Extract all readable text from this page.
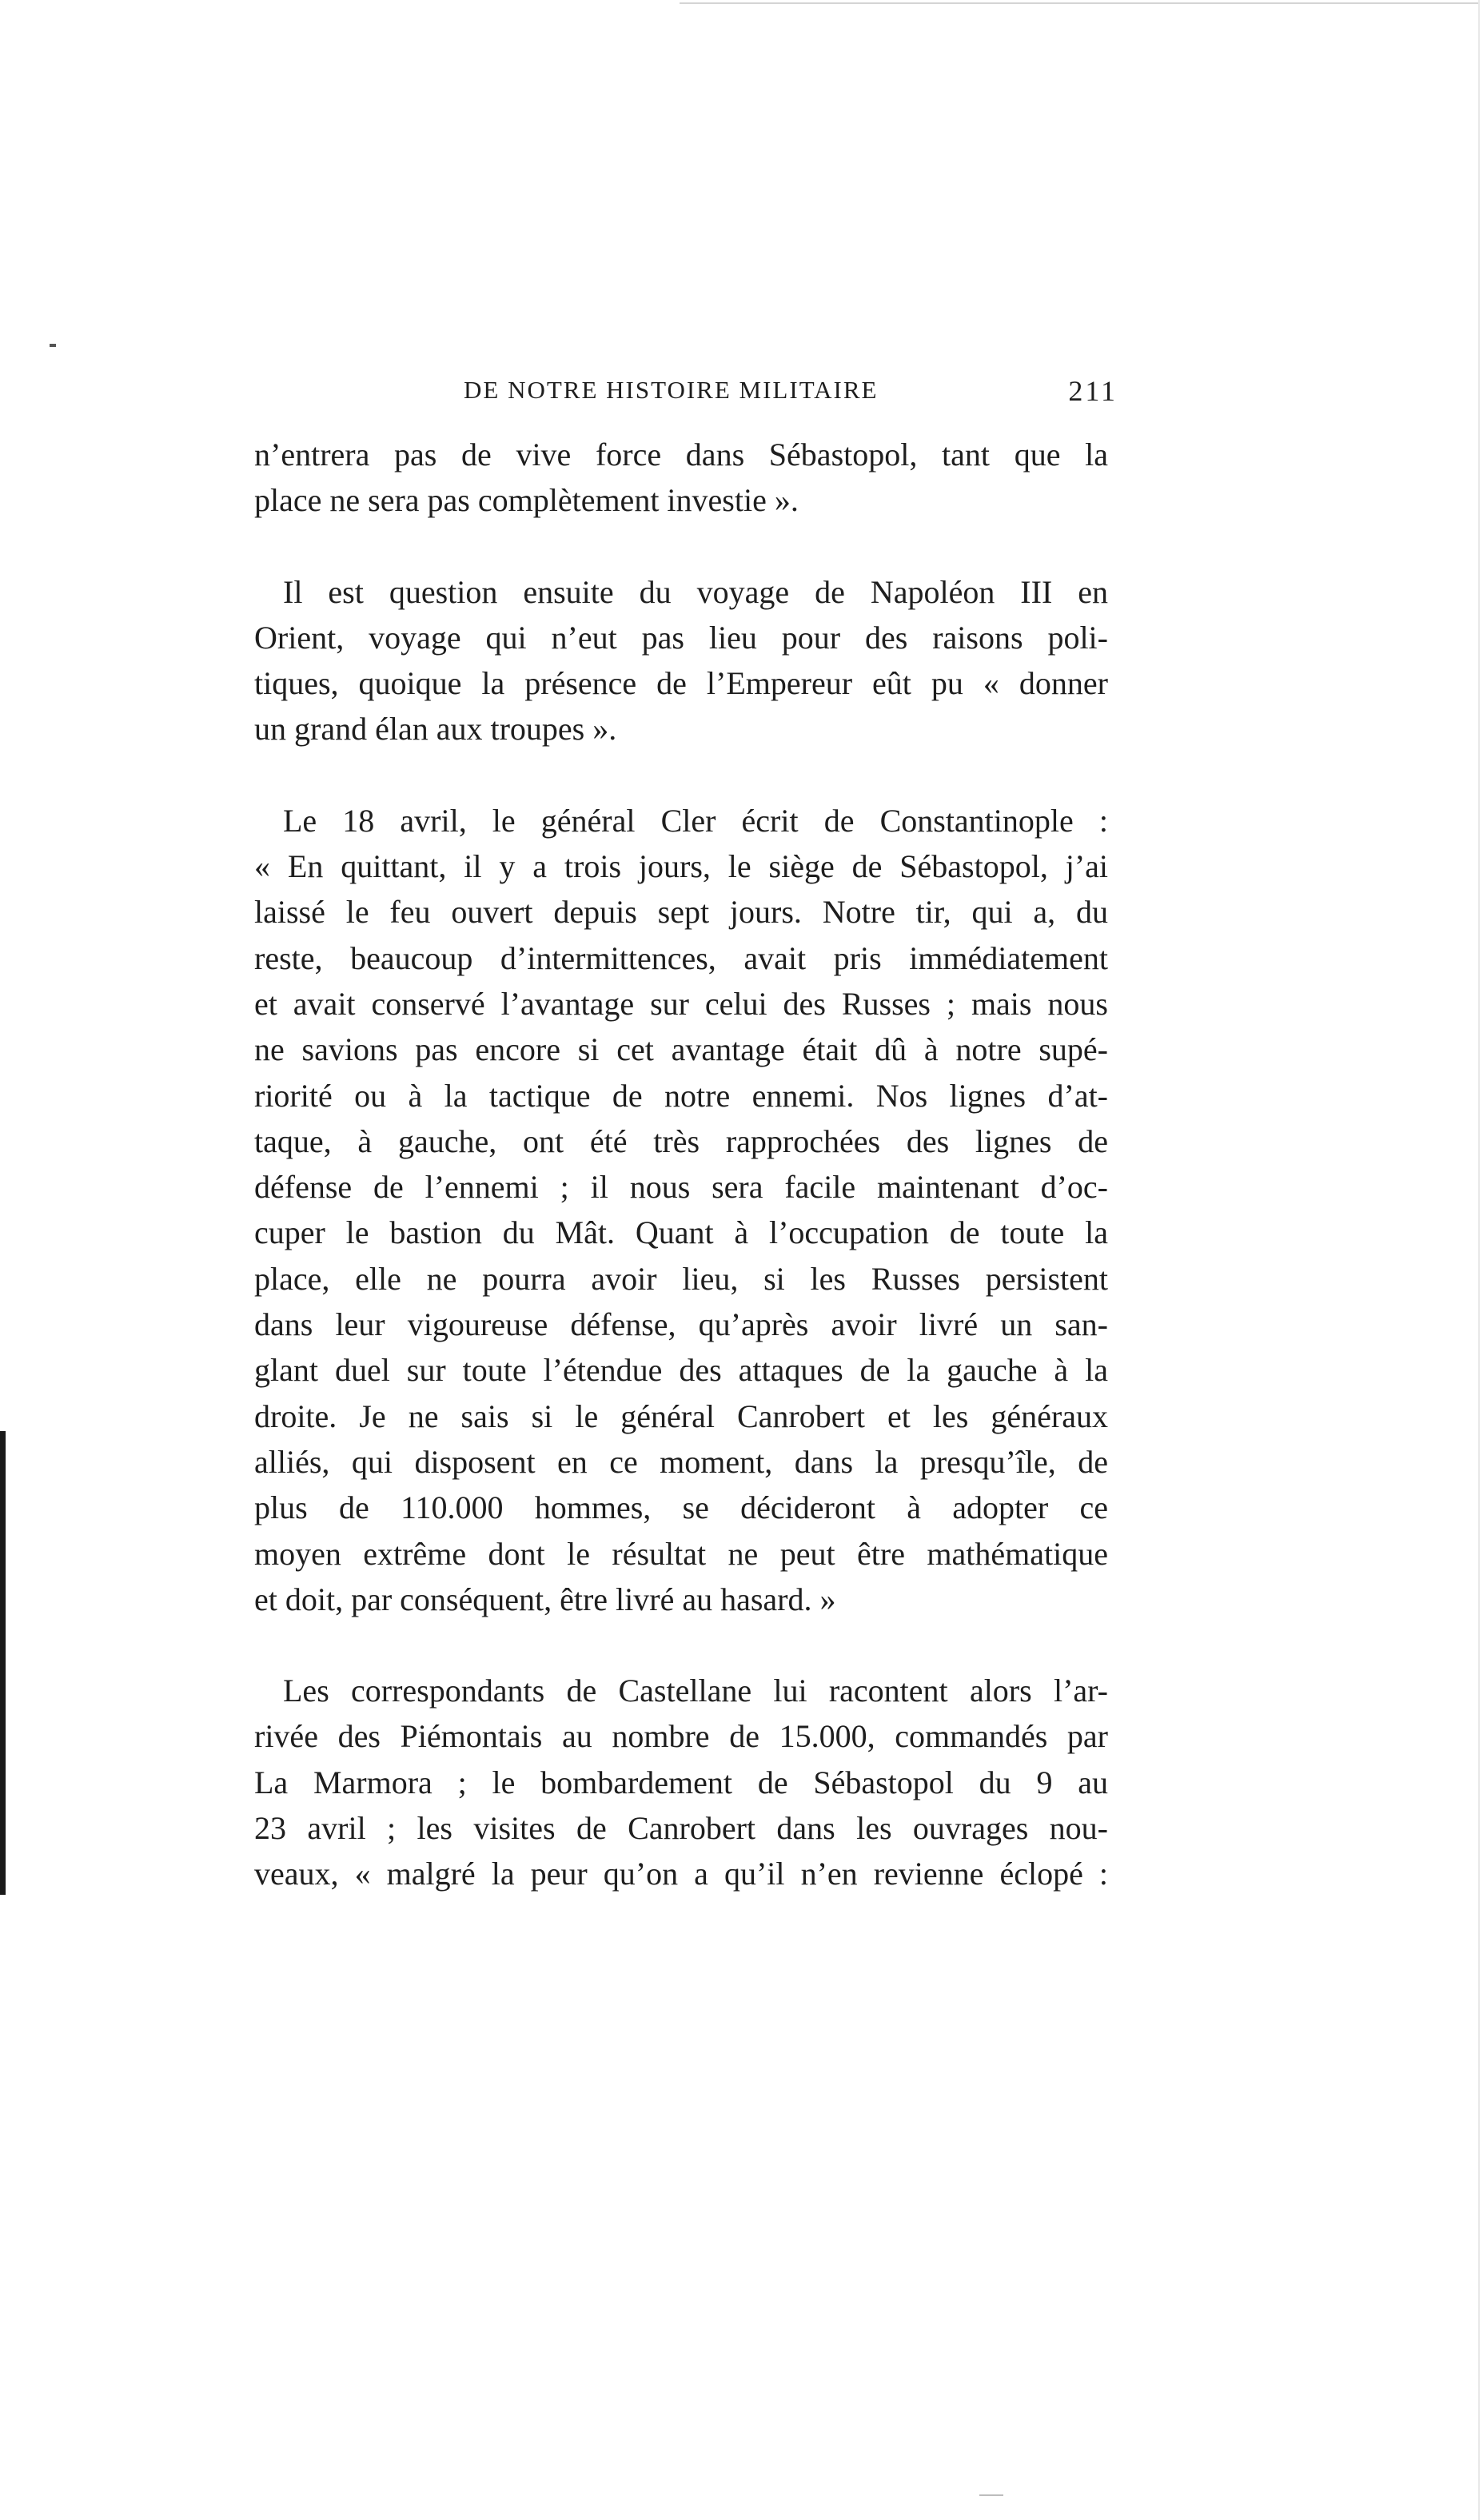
DE NOTRE HISTOIRE MILITAIRE	211
n’entrera pas de vive force dans Sébastopol, tant que la
place ne sera pas complètement investie ».
Il est question ensuite du voyage de Napoléon III en
Orient, voyage qui n’eut pas lieu pour des raisons poli-
tiques, quoique la présence de l’Empereur eût pu « donner
un grand élan aux troupes ».
Le 18 avril, le général Cler écrit de Constantinople :
« En quittant, il y a trois jours, le siège de Sébastopol, j’ai
laissé le feu ouvert depuis sept jours. Notre tir, qui a, du
reste, beaucoup d’intermittences, avait pris immédiatement
et avait conservé l’avantage sur celui des Russes ; mais nous
ne savions pas encore si cet avantage était dû à notre supé-
riorité ou à la tactique de notre ennemi. Nos lignes d’at-
taque, à gauche, ont été très rapprochées des lignes de
défense de l’ennemi ; il nous sera facile maintenant d’oc-
cuper le bastion du Mât. Quant à l’occupation de toute la
place, elle ne pourra avoir lieu, si les Russes persistent
dans leur vigoureuse défense, qu’après avoir livré un san-
glant duel sur toute l’étendue des attaques de la gauche à la
droite. Je ne sais si le général Canrobert et les généraux
alliés, qui disposent en ce moment, dans la presqu’île, de
plus de 110.000 hommes, se décideront à adopter ce
moyen extrême dont le résultat ne peut être mathématique
et doit, par conséquent, être livré au hasard. »
Les correspondants de Castellane lui racontent alors l’ar-
rivée des Piémontais au nombre de 15.000, commandés par
La Marmora ; le bombardement de Sébastopol du 9 au
23 avril ; les visites de Canrobert dans les ouvrages nou-
veaux, « malgré la peur qu’on a qu’il n’en revienne éclopé :
